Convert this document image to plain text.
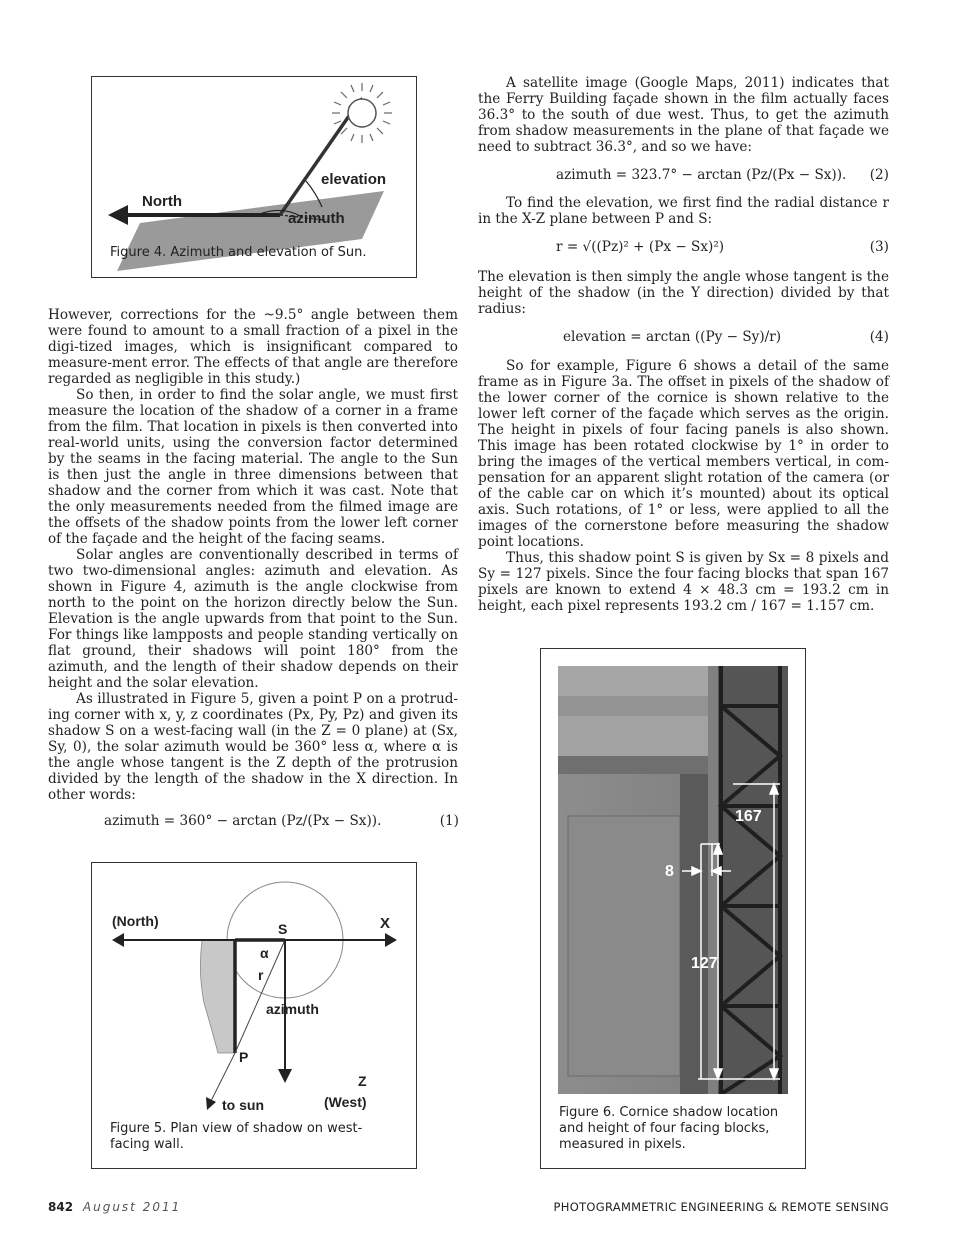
North
elevation
azimuth
Figure 4. Azimuth and elevation of Sun.

However, corrections for the ~9.5° angle between them were found to amount to a small fraction of a pixel in the digi-tized images, which is insignificant compared to measure-ment error. The effects of that angle are therefore regarded as negligible in this study.)

So then, in order to find the solar angle, we must first measure the location of the shadow of a corner in a frame from the film. That location in pixels is then converted into real-world units, using the conversion factor determined by the seams in the facing material. The angle to the Sun is then just the angle in three dimensions between that shadow and the corner from which it was cast. Note that the only measurements needed from the filmed image are the offsets of the shadow points from the lower left corner of the façade and the height of the facing seams.

Solar angles are conventionally described in terms of two two-dimensional angles: azimuth and elevation. As shown in Figure 4, azimuth is the angle clockwise from north to the point on the horizon directly below the Sun. Elevation is the angle upwards from that point to the Sun. For things like lampposts and people standing vertically on flat ground, their shadows will point 180° from the azimuth, and the length of their shadow depends on their height and the solar elevation.

As illustrated in Figure 5, given a point P on a protrud-ing corner with x, y, z coordinates (Px, Py, Pz) and given its shadow S on a west-facing wall (in the Z = 0 plane) at (Sx, Sy, 0), the solar azimuth would be 360° less α, where α is the angle whose tangent is the Z depth of the protrusion divided by the length of the shadow in the X direction. In other words:

azimuth = 360° − arctan (Pz/(Px − Sx)).	(1)
(North)	S	X
α
r
azimuth
P
Z
(West)
to sun
Figure 5. Plan view of shadow on west-
facing wall.

A satellite image (Google Maps, 2011) indicates that the Ferry Building façade shown in the film actually faces 36.3° to the south of due west. Thus, to get the azimuth from shadow measurements in the plane of that façade we need to subtract 36.3°, and so we have:

azimuth = 323.7° − arctan (Pz/(Px − Sx)).	(2)

To find the elevation, we first find the radial distance r in the X-Z plane between P and S:

r = √((Pz)² + (Px − Sx)²)	(3)

The elevation is then simply the angle whose tangent is the height of the shadow (in the Y direction) divided by that radius:

elevation = arctan ((Py − Sy)/r)	(4)

So for example, Figure 6 shows a detail of the same frame as in Figure 3a. The offset in pixels of the shadow of the lower corner of the cornice is shown relative to the lower left corner of the façade which serves as the origin. The height in pixels of four facing panels is also shown. This image has been rotated clockwise by 1° in order to bring the images of the vertical members vertical, in com-pensation for an apparent slight rotation of the camera (or of the cable car on which it’s mounted) about its optical axis. Such rotations, of 1° or less, were applied to all the images of the cornerstone before measuring the shadow point locations.

Thus, this shadow point S is given by Sx = 8 pixels and Sy = 127 pixels. Since the four facing blocks that span 167 pixels are known to extend 4 × 48.3 cm = 193.2 cm in height, each pixel represents 193.2 cm / 167 = 1.157 cm.

167
8
127
Figure 6. Cornice shadow location
and height of four facing blocks,
measured in pixels.
842 August 2011	PHOTOGRAMMETRIC ENGINEERING & REMOTE SENSING
